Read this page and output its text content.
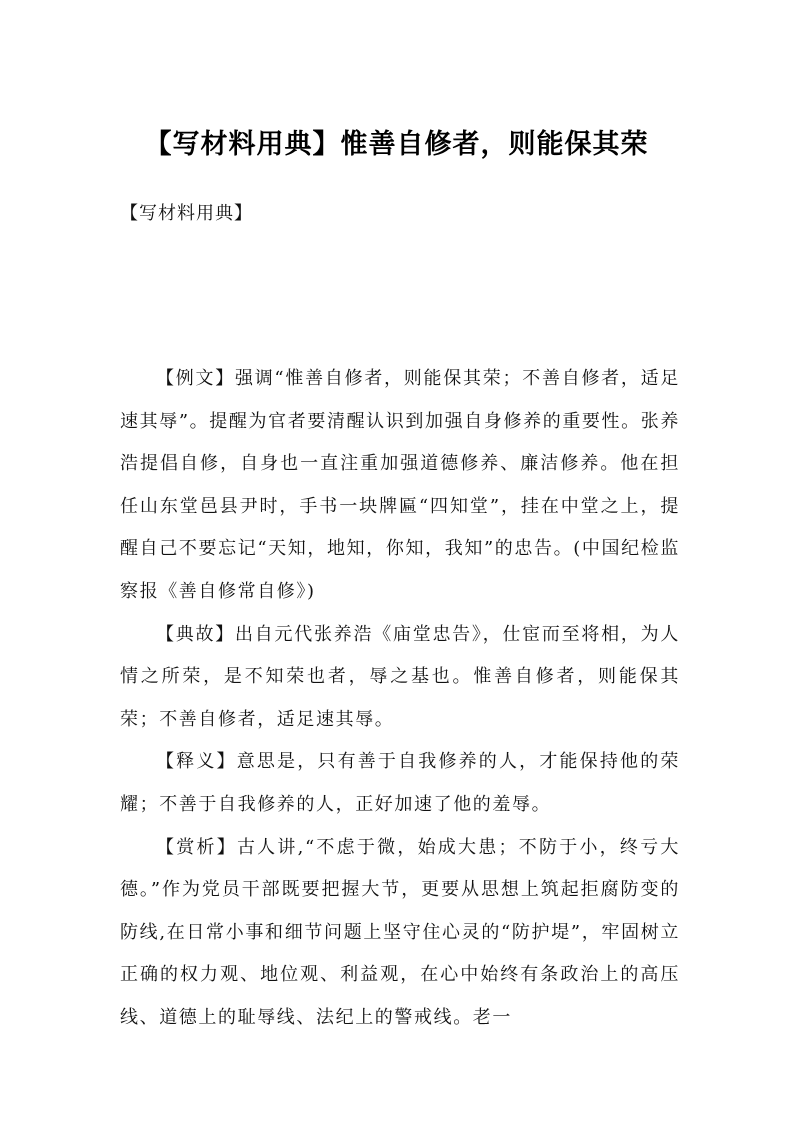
【写材料用典】惟善自修者，则能保其荣

【写材料用典】

【例文】强调“惟善自修者，则能保其荣；不善自修者，适足速其辱”。提醒为官者要清醒认识到加强自身修养的重要性。张养浩提倡自修，自身也一直注重加强道德修养、廉洁修养。他在担任山东堂邑县尹时，手书一块牌匾“四知堂”，挂在中堂之上，提醒自己不要忘记“天知，地知，你知，我知”的忠告。(中国纪检监察报《善自修常自修》)

【典故】出自元代张养浩《庙堂忠告》，仕宦而至将相，为人情之所荣，是不知荣也者，辱之基也。惟善自修者，则能保其荣；不善自修者，适足速其辱。

【释义】意思是，只有善于自我修养的人，才能保持他的荣耀；不善于自我修养的人，正好加速了他的羞辱。

【赏析】古人讲,“不虑于微，始成大患；不防于小，终亏大德。”作为党员干部既要把握大节，更要从思想上筑起拒腐防变的防线,在日常小事和细节问题上坚守住心灵的“防护堤”，牢固树立正确的权力观、地位观、利益观，在心中始终有条政治上的高压线、道德上的耻辱线、法纪上的警戒线。老一
